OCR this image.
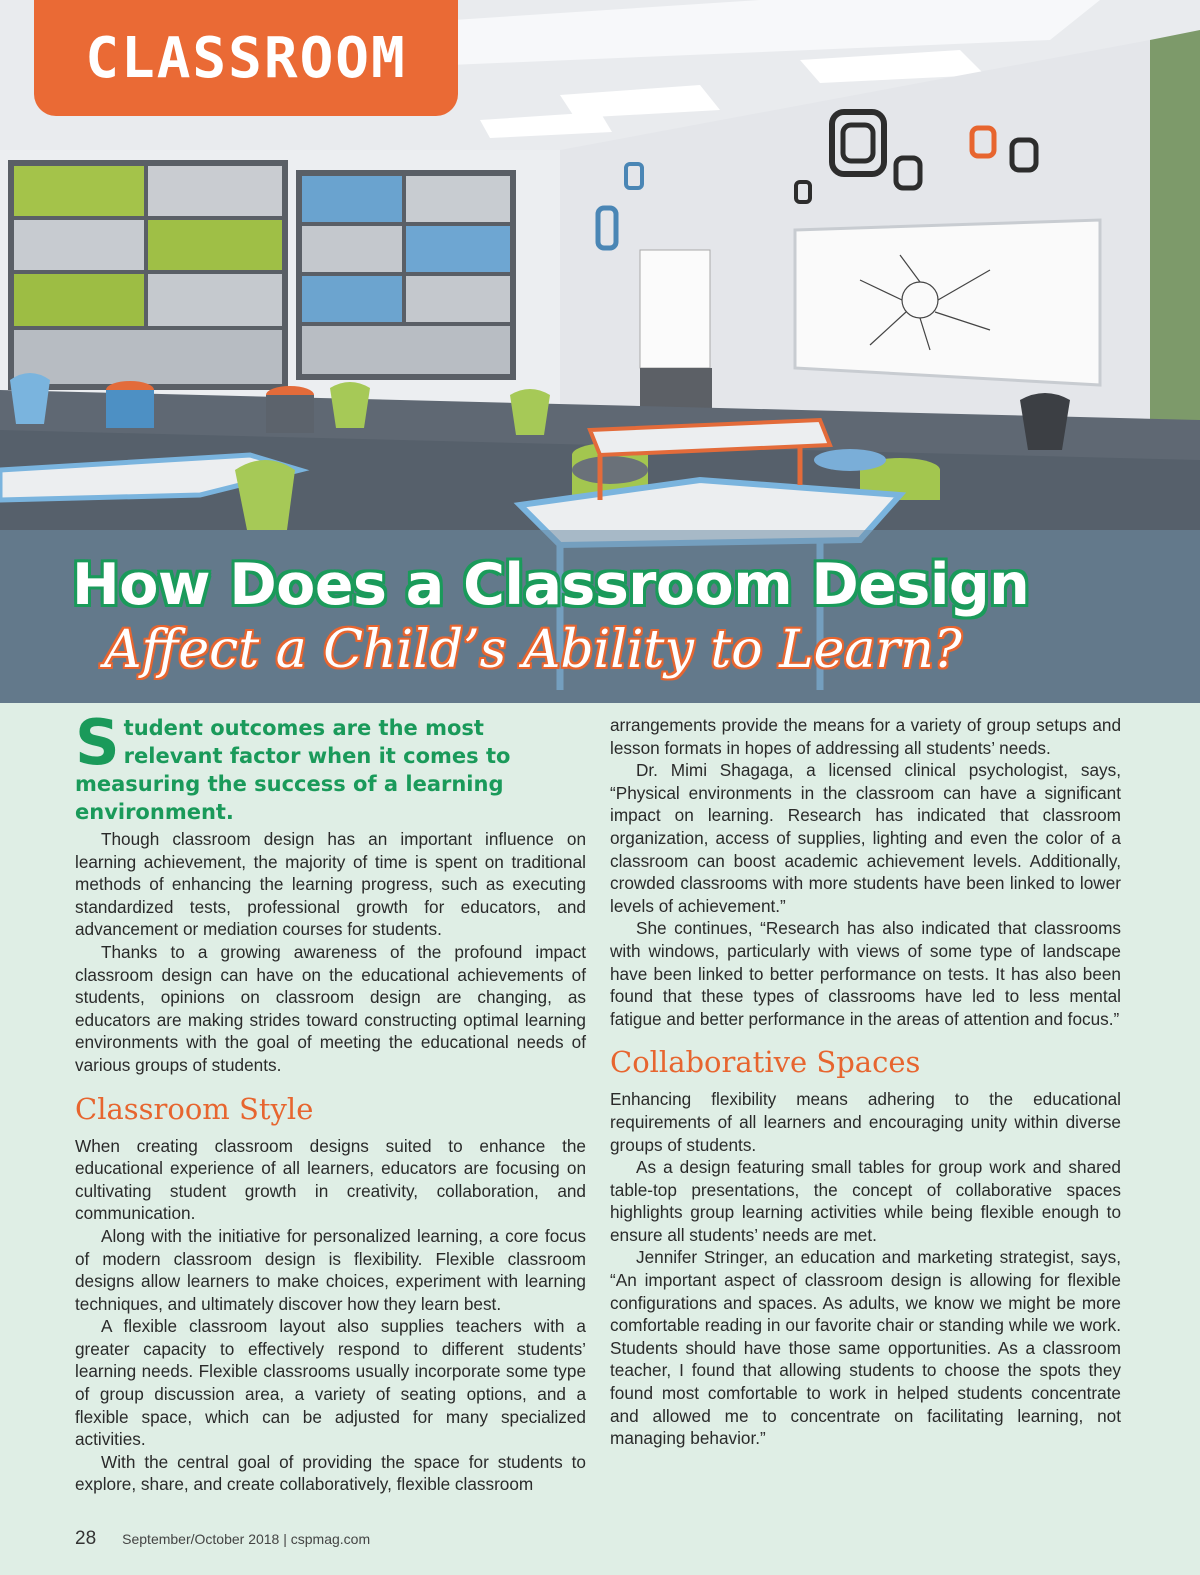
CLASSROOM
How Does a Classroom Design
Affect a Child’s Ability to Learn?
Student outcomes are the most relevant factor when it comes to measuring the success of a learning environment.

Though classroom design has an important influence on learning achievement, the majority of time is spent on traditional methods of enhancing the learning progress, such as executing standardized tests, professional growth for educators, and advancement or mediation courses for students.

Thanks to a growing awareness of the profound impact classroom design can have on the educational achievements of students, opinions on classroom design are changing, as educators are making strides toward constructing optimal learning environments with the goal of meeting the educational needs of various groups of students.

Classroom Style

When creating classroom designs suited to enhance the educational experience of all learners, educators are focusing on cultivating student growth in creativity, collaboration, and communication.

Along with the initiative for personalized learning, a core focus of modern classroom design is flexibility. Flexible classroom designs allow learners to make choices, experiment with learning techniques, and ultimately discover how they learn best.

A flexible classroom layout also supplies teachers with a greater capacity to effectively respond to different students’ learning needs. Flexible classrooms usually incorporate some type of group discussion area, a variety of seating options, and a flexible space, which can be adjusted for many specialized activities.

With the central goal of providing the space for students to explore, share, and create collaboratively, flexible classroom

arrangements provide the means for a variety of group setups and lesson formats in hopes of addressing all students’ needs.

Dr. Mimi Shagaga, a licensed clinical psychologist, says, “Physical environments in the classroom can have a significant impact on learning. Research has indicated that classroom organization, access of supplies, lighting and even the color of a classroom can boost academic achievement levels. Additionally, crowded classrooms with more students have been linked to lower levels of achievement.”

She continues, “Research has also indicated that classrooms with windows, particularly with views of some type of landscape have been linked to better performance on tests. It has also been found that these types of classrooms have led to less mental fatigue and better performance in the areas of attention and focus.”

Collaborative Spaces

Enhancing flexibility means adhering to the educational requirements of all learners and encouraging unity within diverse groups of students.

As a design featuring small tables for group work and shared table-top presentations, the concept of collaborative spaces highlights group learning activities while being flexible enough to ensure all students’ needs are met.

Jennifer Stringer, an education and marketing strategist, says, “An important aspect of classroom design is allowing for flexible configurations and spaces. As adults, we know we might be more comfortable reading in our favorite chair or standing while we work. Students should have those same opportunities. As a classroom teacher, I found that allowing students to choose the spots they found most comfortable to work in helped students concentrate and allowed me to concentrate on facilitating learning, not managing behavior.”

28 September/October 2018 | cspmag.com
